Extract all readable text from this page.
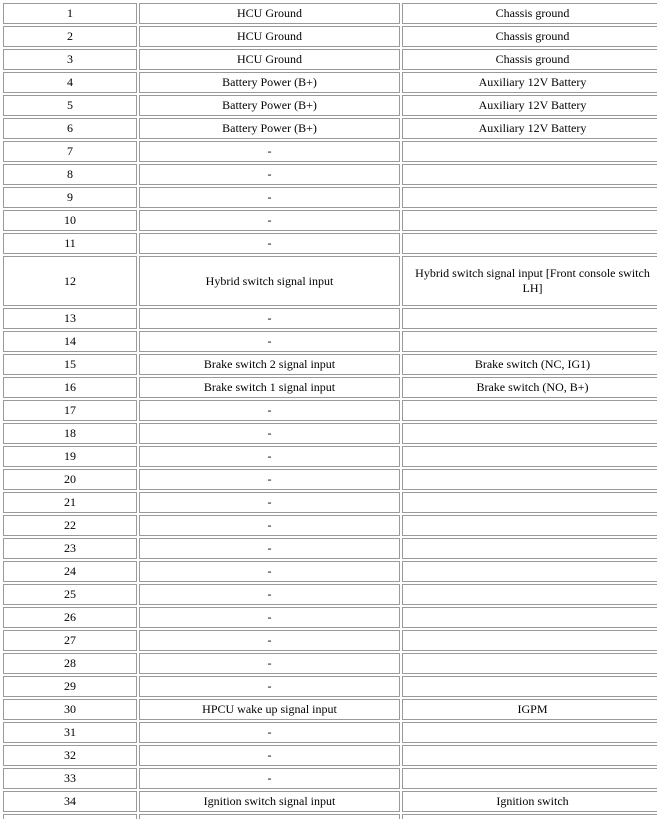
1	HCU Ground	Chassis ground
2	HCU Ground	Chassis ground
3	HCU Ground	Chassis ground
4	Battery Power (B+)	Auxiliary 12V Battery
5	Battery Power (B+)	Auxiliary 12V Battery
6	Battery Power (B+)	Auxiliary 12V Battery
7	-	
8	-	
9	-	
10	-	
11	-	
12	Hybrid switch signal input	Hybrid switch signal input [Front console switch LH]
13	-	
14	-	
15	Brake switch 2 signal input	Brake switch (NC, IG1)
16	Brake switch 1 signal input	Brake switch (NO, B+)
17	-	
18	-	
19	-	
20	-	
21	-	
22	-	
23	-	
24	-	
25	-	
26	-	
27	-	
28	-	
29	-	
30	HPCU wake up signal input	IGPM
31	-	
32	-	
33	-	
34	Ignition switch signal input	Ignition switch
